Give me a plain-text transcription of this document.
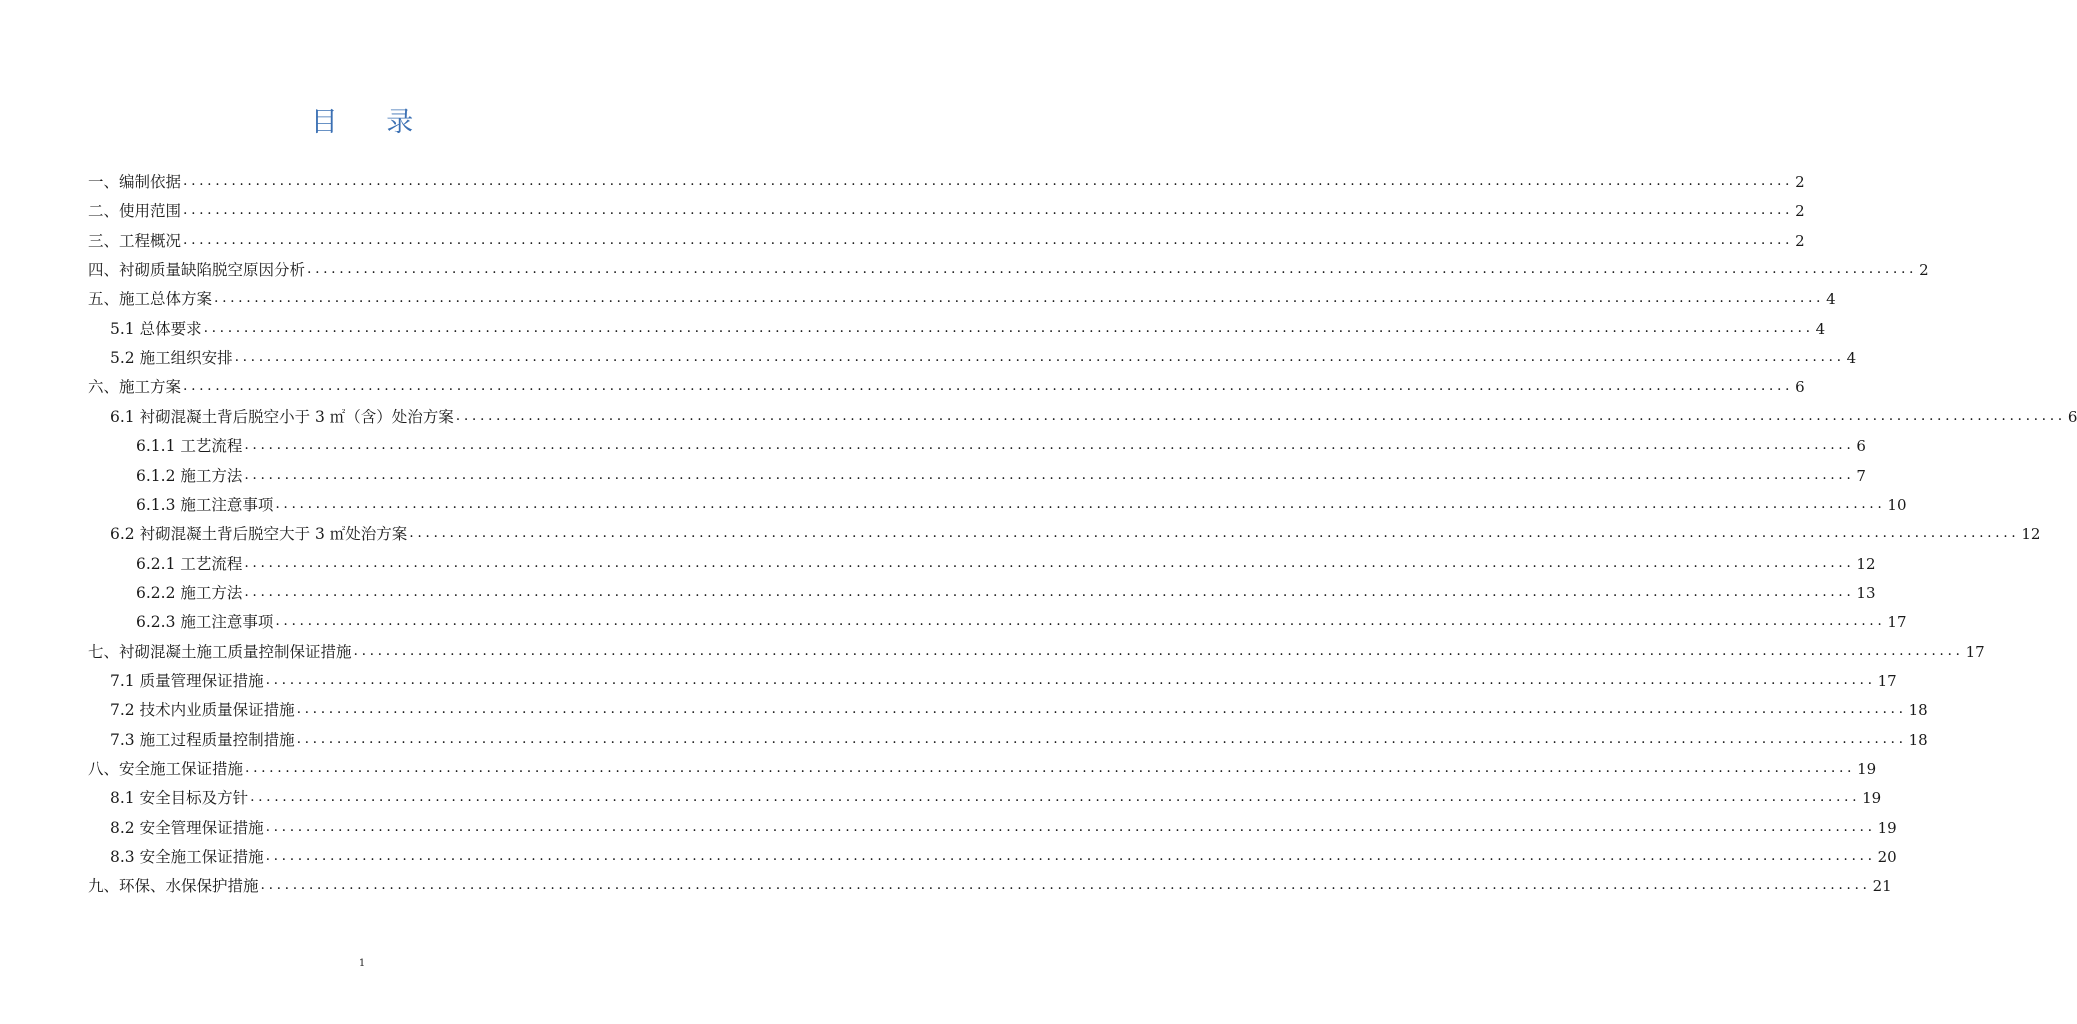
目 录
一、编制依据 ........................................................................................................................................................................................................ 2
二、使用范围 ........................................................................................................................................................................................................ 2
三、工程概况 ........................................................................................................................................................................................................ 2
四、衬砌质量缺陷脱空原因分析 ........................................................................................................................................................................................................ 2
五、施工总体方案 ........................................................................................................................................................................................................ 4
5.1 总体要求 ........................................................................................................................................................................................................ 4
5.2 施工组织安排 ........................................................................................................................................................................................................ 4
六、施工方案 ........................................................................................................................................................................................................ 6
6.1 衬砌混凝土背后脱空小于 3 ㎡（含）处治方案 ........................................................................................................................................................................................................ 6
6.1.1 工艺流程 ........................................................................................................................................................................................................ 6
6.1.2 施工方法 ........................................................................................................................................................................................................ 7
6.1.3 施工注意事项 ........................................................................................................................................................................................................ 10
6.2 衬砌混凝土背后脱空大于 3 ㎡处治方案 ........................................................................................................................................................................................................ 12
6.2.1 工艺流程 ........................................................................................................................................................................................................ 12
6.2.2 施工方法 ........................................................................................................................................................................................................ 13
6.2.3 施工注意事项 ........................................................................................................................................................................................................ 17
七、衬砌混凝土施工质量控制保证措施 ........................................................................................................................................................................................................ 17
7.1 质量管理保证措施 ........................................................................................................................................................................................................ 17
7.2 技术内业质量保证措施 ........................................................................................................................................................................................................ 18
7.3 施工过程质量控制措施 ........................................................................................................................................................................................................ 18
八、安全施工保证措施 ........................................................................................................................................................................................................ 19
8.1 安全目标及方针 ........................................................................................................................................................................................................ 19
8.2 安全管理保证措施 ........................................................................................................................................................................................................ 19
8.3 安全施工保证措施 ........................................................................................................................................................................................................ 20
九、环保、水保保护措施 ........................................................................................................................................................................................................ 21
1
